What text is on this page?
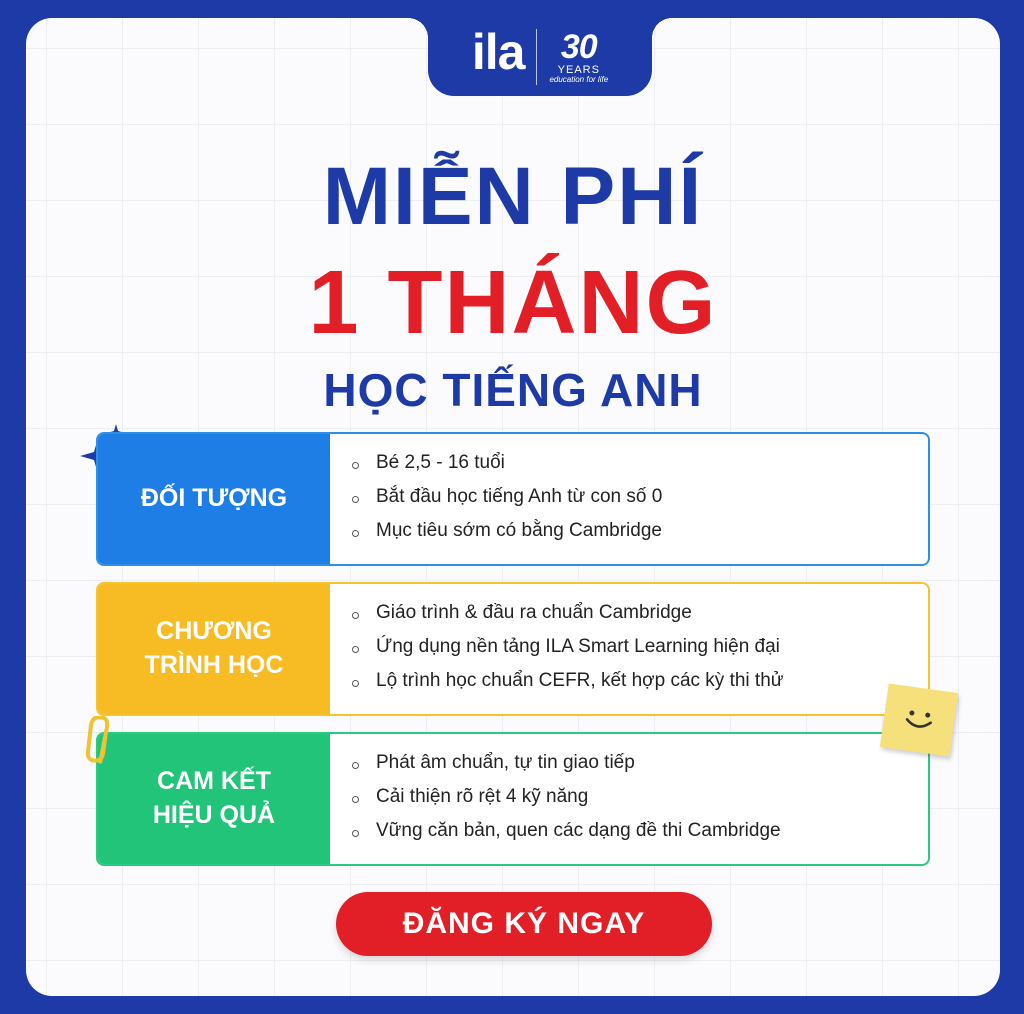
ila 30
YEARS
education for life
MIỄN PHÍ
1 THÁNG
HỌC TIẾNG ANH
ĐỐI TƯỢNG
Bé 2,5 - 16 tuổi
Bắt đầu học tiếng Anh từ con số 0
Mục tiêu sớm có bằng Cambridge
CHƯƠNG
TRÌNH HỌC
Giáo trình & đầu ra chuẩn Cambridge
Ứng dụng nền tảng ILA Smart Learning hiện đại
Lộ trình học chuẩn CEFR, kết hợp các kỳ thi thử
CAM KẾT
HIỆU QUẢ
Phát âm chuẩn, tự tin giao tiếp
Cải thiện rõ rệt 4 kỹ năng
Vững căn bản, quen các dạng đề thi Cambridge
ĐĂNG KÝ NGAY
